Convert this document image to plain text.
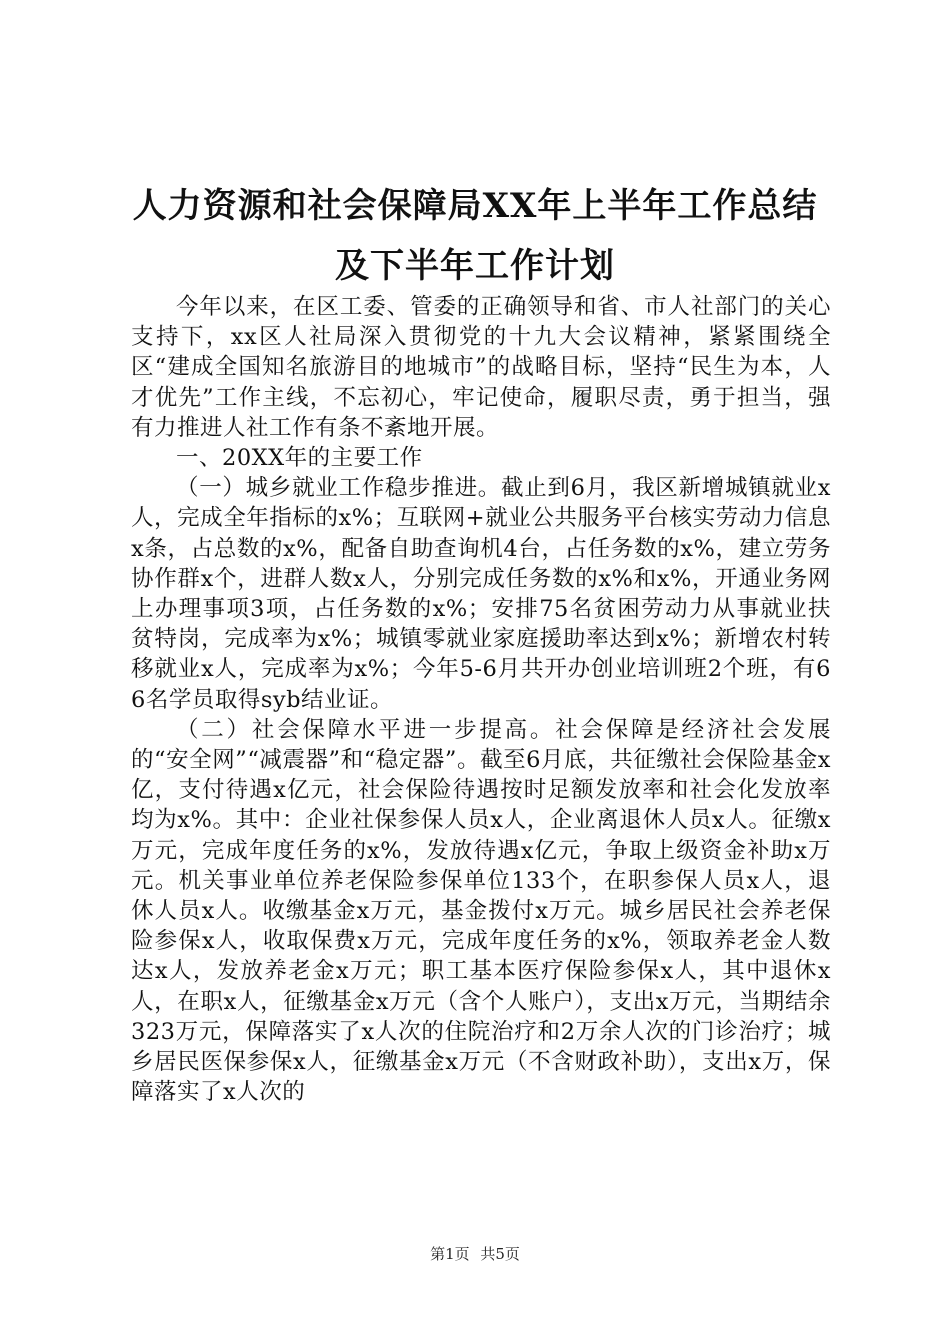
人力资源和社会保障局XX年上半年工作总结
及下半年工作计划

今年以来，在区工委、管委的正确领导和省、市人社部门的关心支持下，xx区人社局深入贯彻党的十九大会议精神，紧紧围绕全区“建成全国知名旅游目的地城市”的战略目标，坚持“民生为本，人才优先”工作主线，不忘初心，牢记使命，履职尽责，勇于担当，强有力推进人社工作有条不紊地开展。

一、20XX年的主要工作

（一）城乡就业工作稳步推进。截止到6月，我区新增城镇就业x人，完成全年指标的x%；互联网+就业公共服务平台核实劳动力信息x条，占总数的x%，配备自助查询机4台，占任务数的x%，建立劳务协作群x个，进群人数x人，分别完成任务数的x%和x%，开通业务网上办理事项3项，占任务数的x%；安排75名贫困劳动力从事就业扶贫特岗，完成率为x%；城镇零就业家庭援助率达到x%；新增农村转移就业x人，完成率为x%；今年5-6月共开办创业培训班2个班，有66名学员取得syb结业证。

（二）社会保障水平进一步提高。社会保障是经济社会发展的“安全网”“减震器”和“稳定器”。截至6月底，共征缴社会保险基金x亿，支付待遇x亿元，社会保险待遇按时足额发放率和社会化发放率均为x%。其中：企业社保参保人员x人，企业离退休人员x人。征缴x万元，完成年度任务的x%，发放待遇x亿元，争取上级资金补助x万元。机关事业单位养老保险参保单位133个，在职参保人员x人，退休人员x人。收缴基金x万元，基金拨付x万元。城乡居民社会养老保险参保x人，收取保费x万元，完成年度任务的x%，领取养老金人数达x人，发放养老金x万元；职工基本医疗保险参保x人，其中退休x人，在职x人，征缴基金x万元（含个人账户），支出x万元，当期结余323万元，保障落实了x人次的住院治疗和2万余人次的门诊治疗；城乡居民医保参保x人，征缴基金x万元（不含财政补助），支出x万，保障落实了x人次的

第1页 共5页
